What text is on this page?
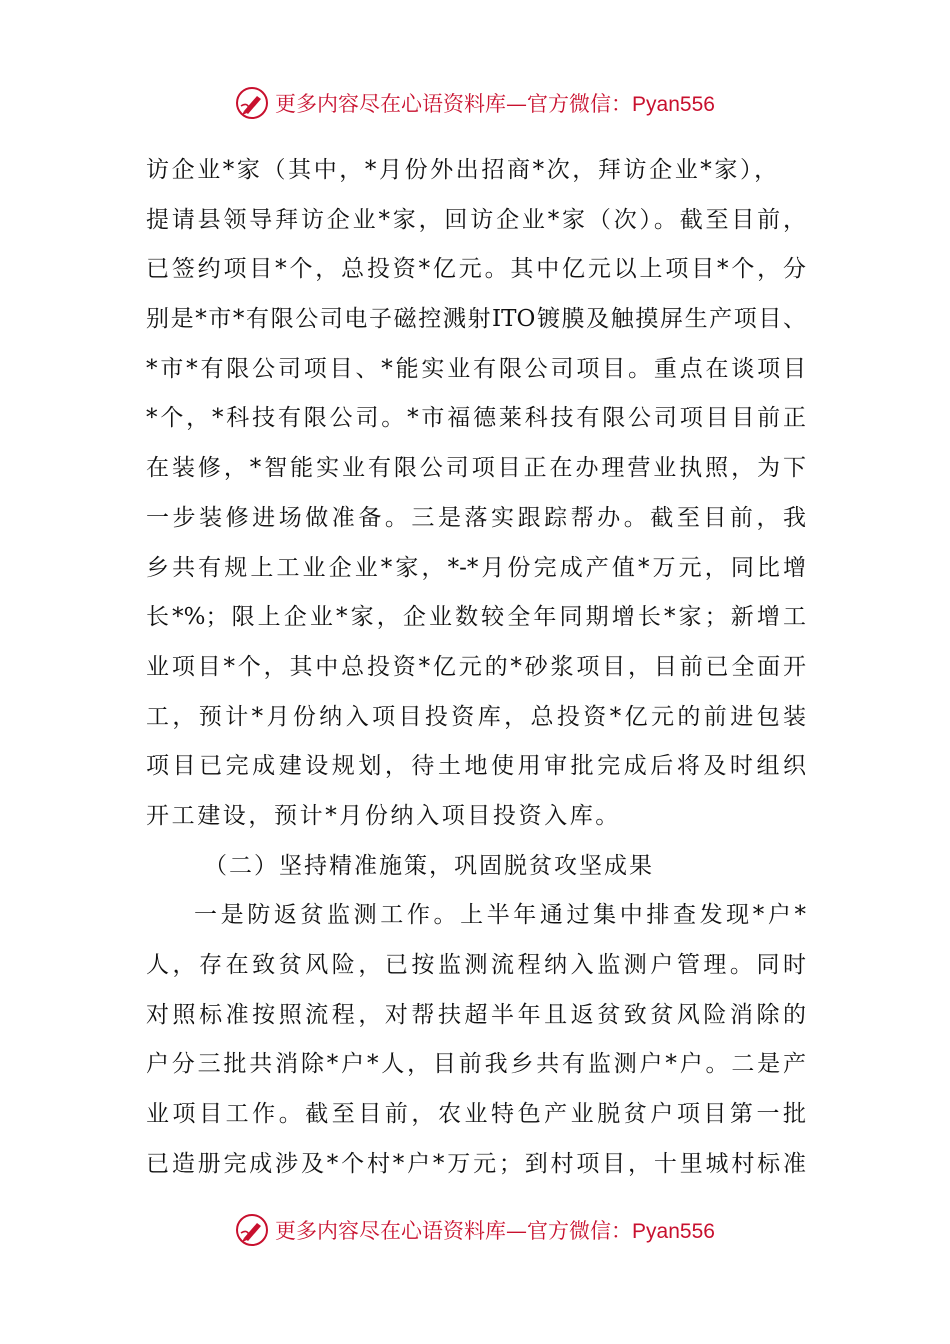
更多内容尽在心语资料库—官方微信：Pyan556
访企业*家（其中，*月份外出招商*次，拜访企业*家），
提请县领导拜访企业*家，回访企业*家（次）。截至目前，
已签约项目*个，总投资*亿元。其中亿元以上项目*个，分
别是*市*有限公司电子磁控溅射ITO镀膜及触摸屏生产项目、
*市*有限公司项目、*能实业有限公司项目。重点在谈项目
*个，*科技有限公司。*市福德莱科技有限公司项目目前正
在装修，*智能实业有限公司项目正在办理营业执照，为下
一步装修进场做准备。三是落实跟踪帮办。截至目前，我
乡共有规上工业企业*家，*-*月份完成产值*万元，同比增
长*%；限上企业*家，企业数较全年同期增长*家；新增工
业项目*个，其中总投资*亿元的*砂浆项目，目前已全面开
工，预计*月份纳入项目投资库，总投资*亿元的前进包装
项目已完成建设规划，待土地使用审批完成后将及时组织
开工建设，预计*月份纳入项目投资入库。
（二）坚持精准施策，巩固脱贫攻坚成果
一是防返贫监测工作。上半年通过集中排查发现*户*
人，存在致贫风险，已按监测流程纳入监测户管理。同时
对照标准按照流程，对帮扶超半年且返贫致贫风险消除的
户分三批共消除*户*人，目前我乡共有监测户*户。二是产
业项目工作。截至目前，农业特色产业脱贫户项目第一批
已造册完成涉及*个村*户*万元；到村项目，十里城村标准
更多内容尽在心语资料库—官方微信：Pyan556
